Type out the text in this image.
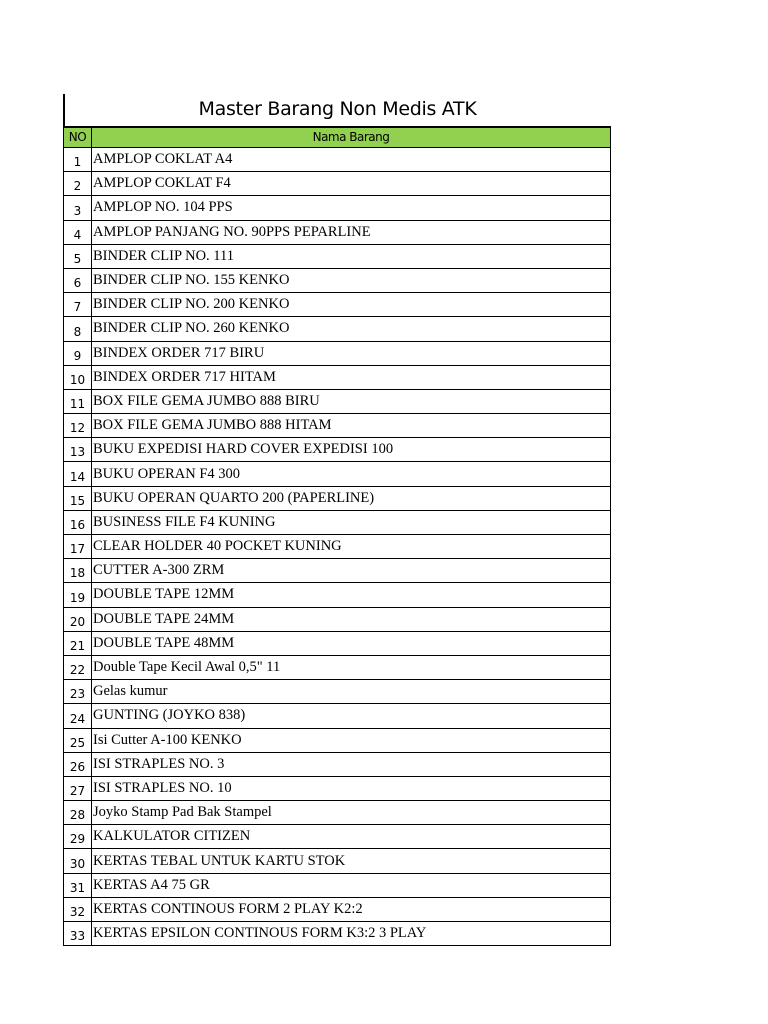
Master Barang Non Medis ATK
NO	Nama Barang
1	AMPLOP COKLAT A4
2	AMPLOP COKLAT F4
3	AMPLOP NO. 104 PPS
4	AMPLOP PANJANG NO. 90PPS PEPARLINE
5	BINDER CLIP NO. 111
6	BINDER CLIP NO. 155 KENKO
7	BINDER CLIP NO. 200 KENKO
8	BINDER CLIP NO. 260 KENKO
9	BINDEX ORDER 717 BIRU
10	BINDEX ORDER 717 HITAM
11	BOX FILE GEMA JUMBO 888 BIRU
12	BOX FILE GEMA JUMBO 888 HITAM
13	BUKU EXPEDISI HARD COVER EXPEDISI 100
14	BUKU OPERAN F4 300
15	BUKU OPERAN QUARTO 200 (PAPERLINE)
16	BUSINESS FILE F4 KUNING
17	CLEAR HOLDER 40 POCKET KUNING
18	CUTTER A-300 ZRM
19	DOUBLE TAPE 12MM
20	DOUBLE TAPE 24MM
21	DOUBLE TAPE 48MM
22	Double Tape Kecil Awal 0,5" 11
23	Gelas kumur
24	GUNTING (JOYKO 838)
25	Isi Cutter A-100 KENKO
26	ISI STRAPLES NO. 3
27	ISI STRAPLES NO. 10
28	Joyko Stamp Pad Bak Stampel
29	KALKULATOR CITIZEN
30	KERTAS TEBAL UNTUK KARTU STOK
31	KERTAS A4 75 GR
32	KERTAS CONTINOUS FORM 2 PLAY K2:2
33	KERTAS EPSILON CONTINOUS FORM K3:2 3 PLAY
